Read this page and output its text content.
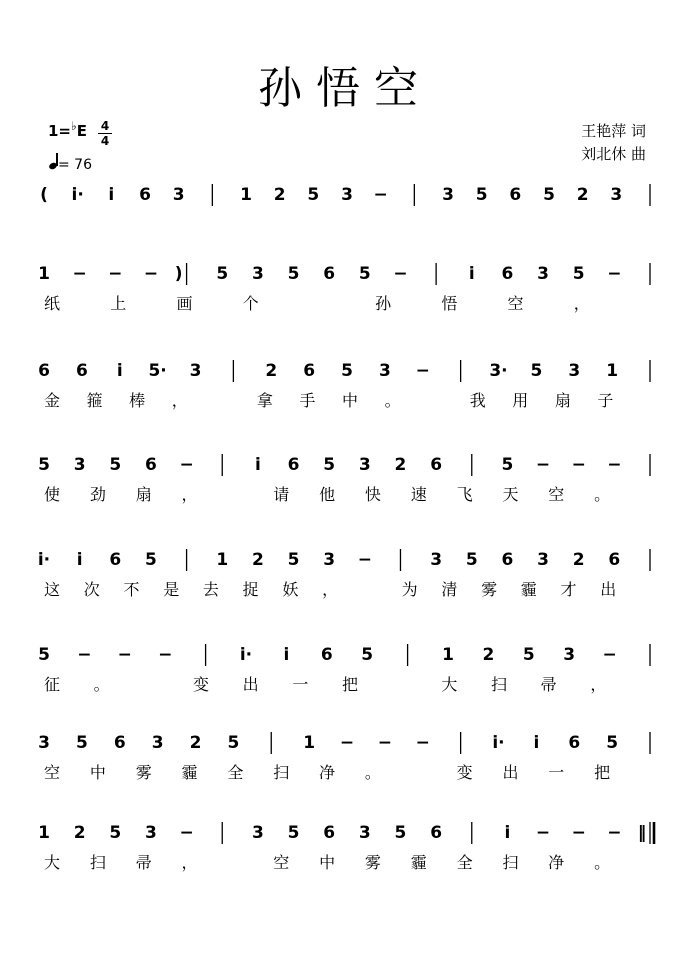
孙悟空
1=♭E 4
4
= 76
王艳萍 词
刘北休 曲
( i̇· i̇ 6 3	1 2 5 3 −	3 5 6 5 2 3
1 − − − ) 5 3 5 6 5 −	i̇ 6 3 5 −
纸	上	画	个	孙	悟	空	，
6 6 i̇ 5· 3	2 6 5 3 −	3· 5 3 1
金 箍 棒 ，	拿 手 中 。	我 用 扇 子
5 3 5 6 −	i̇ 6 5 3 2 6	5 − − −
使 劲 扇 ，	请 他 快 速 飞 天 空 。
i̇· i̇ 6 5	1 2 5 3 −	3 5 6 3 2 6
这 次 不 是 去 捉 妖 ，	为 清 雾 霾 才 出
5 − − −	i̇· i̇ 6 5	1 2 5 3 −
征 。	变 出 一 把	大 扫 帚 ，
3 5 6 3 2 5	1 − − −	i̇· i̇ 6 5
空 中 雾 霾 全 扫 净 。	变 出 一 把
1 2 5 3 −	3 5 6 3 5 6	i̇ − − − ‖
大 扫 帚 ，	空 中 雾 霾 全 扫 净 。
